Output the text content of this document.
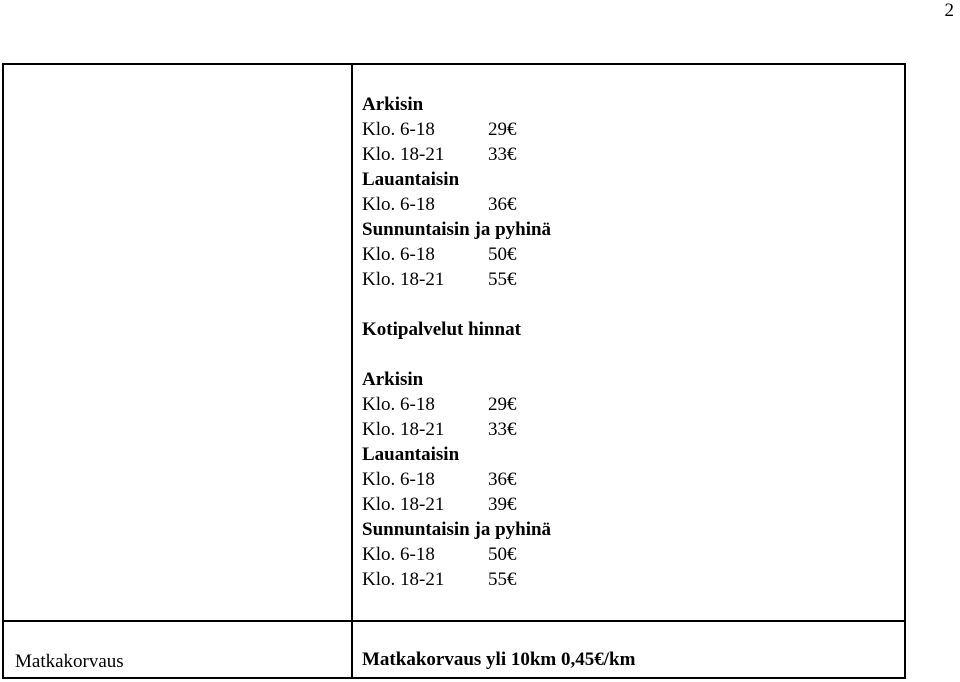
2
Arkisin
Klo. 6-18	29€
Klo. 18-21 33€
Lauantaisin
Klo. 6-18	36€
Sunnuntaisin ja pyhinä
Klo. 6-18	50€
Klo. 18-21 55€
Kotipalvelut hinnat
Arkisin
Klo. 6-18	29€
Klo. 18-21 33€
Lauantaisin
Klo. 6-18	36€
Klo. 18-21 39€
Sunnuntaisin ja pyhinä
Klo. 6-18	50€
Klo. 18-21 55€
Matkakorvaus	Matkakorvaus yli 10km 0,45€/km
